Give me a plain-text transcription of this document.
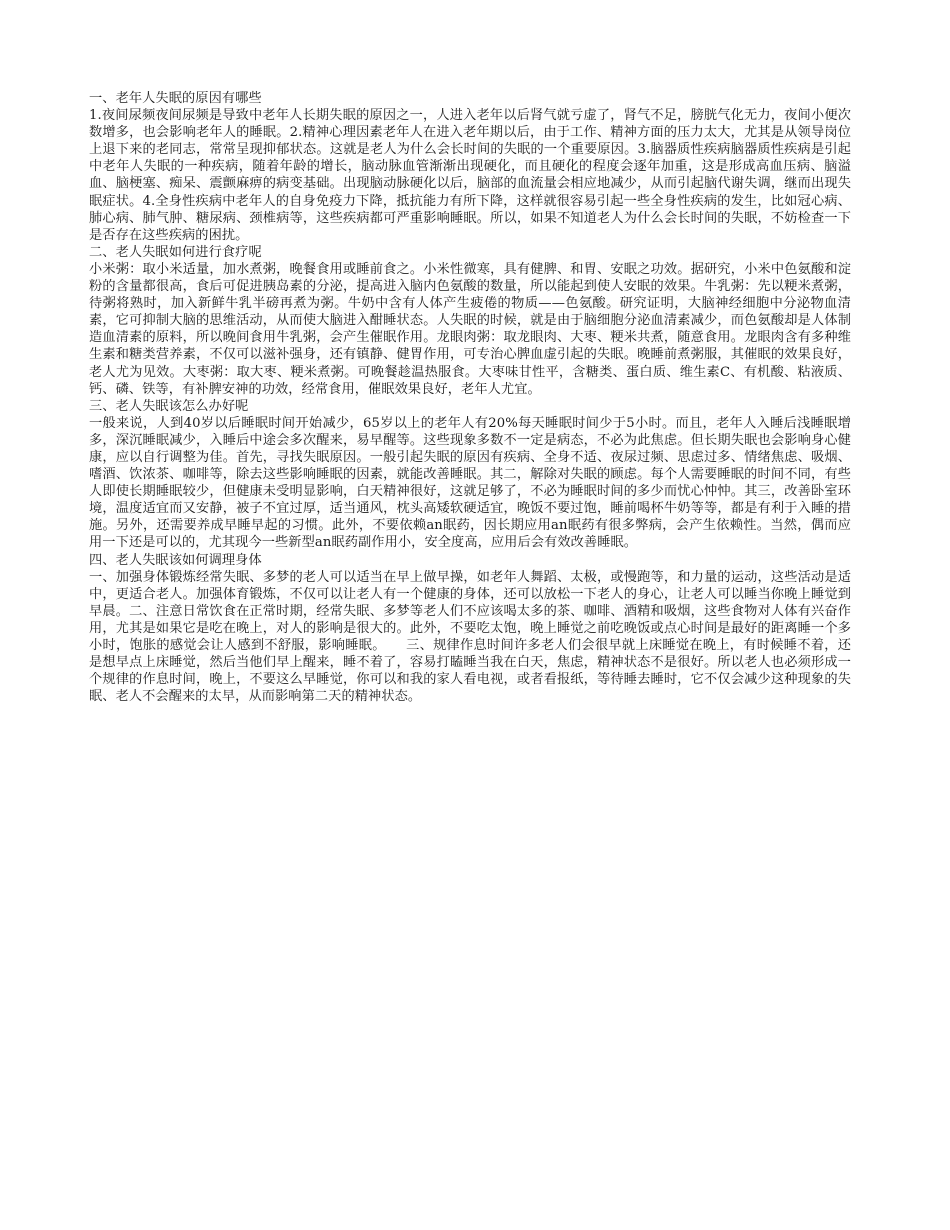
一、老年人失眠的原因有哪些

1.夜间尿频夜间尿频是导致中老年人长期失眠的原因之一，人进入老年以后肾气就亏虚了，肾气不足，膀胱气化无力，夜间小便次数增多，也会影响老年人的睡眠。2.精神心理因素老年人在进入老年期以后，由于工作、精神方面的压力太大，尤其是从领导岗位上退下来的老同志，常常呈现抑郁状态。这就是老人为什么会长时间的失眠的一个重要原因。3.脑器质性疾病脑器质性疾病是引起中老年人失眠的一种疾病，随着年龄的增长，脑动脉血管渐渐出现硬化，而且硬化的程度会逐年加重，这是形成高血压病、脑溢血、脑梗塞、痴呆、震颤麻痹的病变基础。出现脑动脉硬化以后，脑部的血流量会相应地减少，从而引起脑代谢失调，继而出现失眠症状。4.全身性疾病中老年人的自身免疫力下降，抵抗能力有所下降，这样就很容易引起一些全身性疾病的发生，比如冠心病、肺心病、肺气肿、糖尿病、颈椎病等，这些疾病都可严重影响睡眠。所以，如果不知道老人为什么会长时间的失眠，不妨检查一下是否存在这些疾病的困扰。

二、老人失眠如何进行食疗呢

小米粥：取小米适量，加水煮粥，晚餐食用或睡前食之。小米性微寒，具有健脾、和胃、安眠之功效。据研究，小米中色氨酸和淀粉的含量都很高，食后可促进胰岛素的分泌，提高进入脑内色氨酸的数量，所以能起到使人安眠的效果。牛乳粥：先以粳米煮粥，待粥将熟时，加入新鲜牛乳半磅再煮为粥。牛奶中含有人体产生疲倦的物质——色氨酸。研究证明，大脑神经细胞中分泌物血清素，它可抑制大脑的思维活动，从而使大脑进入酣睡状态。人失眠的时候，就是由于脑细胞分泌血清素减少，而色氨酸却是人体制造血清素的原料，所以晚间食用牛乳粥，会产生催眠作用。龙眼肉粥：取龙眼肉、大枣、粳米共煮，随意食用。龙眼肉含有多种维生素和糖类营养素，不仅可以滋补强身，还有镇静、健胃作用，可专治心脾血虚引起的失眠。晚睡前煮粥服，其催眠的效果良好，老人尤为见效。大枣粥：取大枣、粳米煮粥。可晚餐趁温热服食。大枣味甘性平，含糖类、蛋白质、维生素C、有机酸、粘液质、钙、磷、铁等，有补脾安神的功效，经常食用，催眠效果良好，老年人尤宜。

三、老人失眠该怎么办好呢

一般来说，人到40岁以后睡眠时间开始减少，65岁以上的老年人有20%每天睡眠时间少于5小时。而且，老年人入睡后浅睡眠增多，深沉睡眠减少，入睡后中途会多次醒来，易早醒等。这些现象多数不一定是病态，不必为此焦虑。但长期失眠也会影响身心健康，应以自行调整为佳。首先，寻找失眠原因。一般引起失眠的原因有疾病、全身不适、夜尿过频、思虑过多、情绪焦虑、吸烟、嗜酒、饮浓茶、咖啡等，除去这些影响睡眠的因素，就能改善睡眠。其二，解除对失眠的顾虑。每个人需要睡眠的时间不同，有些人即使长期睡眠较少，但健康未受明显影响，白天精神很好，这就足够了，不必为睡眠时间的多少而忧心忡忡。其三，改善卧室环境，温度适宜而又安静，被子不宜过厚，适当通风，枕头高矮软硬适宜，晚饭不要过饱，睡前喝杯牛奶等等，都是有利于入睡的措施。另外，还需要养成早睡早起的习惯。此外，不要依赖an眠药，因长期应用an眠药有很多弊病，会产生依赖性。当然，偶而应用一下还是可以的，尤其现今一些新型an眠药副作用小，安全度高，应用后会有效改善睡眠。

四、老人失眠该如何调理身体

一、加强身体锻炼经常失眠、多梦的老人可以适当在早上做早操，如老年人舞蹈、太极，或慢跑等，和力量的运动，这些活动是适中，更适合老人。加强体育锻炼，不仅可以让老人有一个健康的身体，还可以放松一下老人的身心，让老人可以睡当你晚上睡觉到早晨。二、注意日常饮食在正常时期，经常失眠、多梦等老人们不应该喝太多的茶、咖啡、酒精和吸烟，这些食物对人体有兴奋作用，尤其是如果它是吃在晚上，对人的影响是很大的。此外，不要吃太饱，晚上睡觉之前吃晚饭或点心时间是最好的距离睡一个多小时，饱胀的感觉会让人感到不舒服，影响睡眠。　　三、规律作息时间许多老人们会很早就上床睡觉在晚上，有时候睡不着，还是想早点上床睡觉，然后当他们早上醒来，睡不着了，容易打瞌睡当我在白天，焦虑，精神状态不是很好。所以老人也必须形成一个规律的作息时间，晚上，不要这么早睡觉，你可以和我的家人看电视，或者看报纸，等待睡去睡时，它不仅会减少这种现象的失眠、老人不会醒来的太早，从而影响第二天的精神状态。
